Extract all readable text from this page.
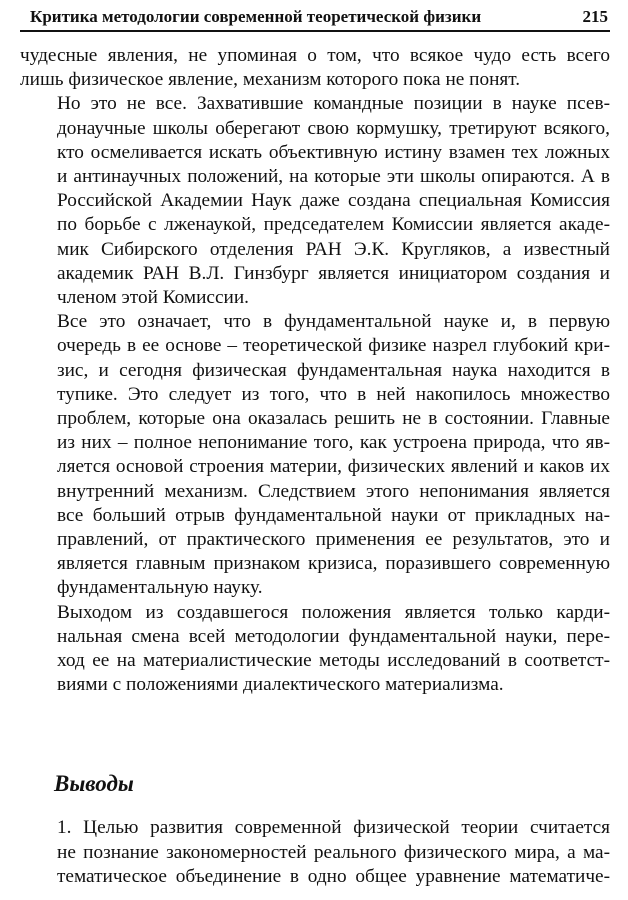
Критика методологии современной теоретической физики	215

чудесные явления, не упоминая о том, что всякое чудо есть всего
лишь физическое явление, механизм которого пока не понят.

Но это не все. Захватившие командные позиции в науке псев-
донаучные школы оберегают свою кормушку, третируют всякого,
кто осмеливается искать объективную истину взамен тех ложных
и антинаучных положений, на которые эти школы опираются. А в
Российской Академии Наук даже создана специальная Комиссия
по борьбе с лженаукой, председателем Комиссии является акаде-
мик Сибирского отделения РАН Э.К. Кругляков, а известный
академик РАН В.Л. Гинзбург является инициатором создания и
членом этой Комиссии.

Все это означает, что в фундаментальной науке и, в первую
очередь в ее основе – теоретической физике назрел глубокий кри-
зис, и сегодня физическая фундаментальная наука находится в
тупике. Это следует из того, что в ней накопилось множество
проблем, которые она оказалась решить не в состоянии. Главные
из них – полное непонимание того, как устроена природа, что яв-
ляется основой строения материи, физических явлений и каков их
внутренний механизм. Следствием этого непонимания является
все больший отрыв фундаментальной науки от прикладных на-
правлений, от практического применения ее результатов, это и
является главным признаком кризиса, поразившего современную
фундаментальную науку.

Выходом из создавшегося положения является только карди-
нальная смена всей методологии фундаментальной науки, пере-
ход ее на материалистические методы исследований в соответст-
виями с положениями диалектического материализма.

Выводы

1. Целью развития современной физической теории считается
не познание закономерностей реального физического мира, а ма-
тематическое объединение в одно общее уравнение математиче-
